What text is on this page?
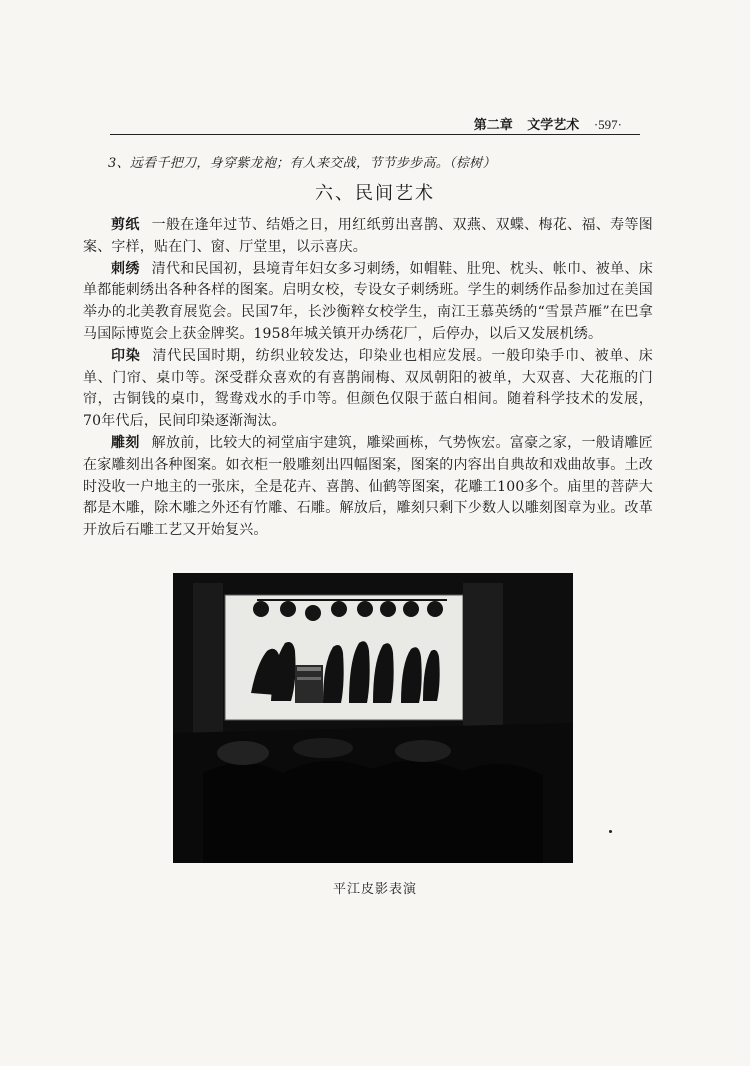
第二章 文学艺术 ·597·
3、远看千把刀，身穿紫龙袍；有人来交战，节节步步高。（棕树）
六、民间艺术

剪纸 一般在逢年过节、结婚之日，用红纸剪出喜鹊、双燕、双蝶、梅花、福、寿等图案、字样，贴在门、窗、厅堂里，以示喜庆。

刺绣 清代和民国初，县境青年妇女多习刺绣，如帽鞋、肚兜、枕头、帐巾、被单、床单都能刺绣出各种各样的图案。启明女校，专设女子刺绣班。学生的刺绣作品参加过在美国举办的北美教育展览会。民国7年，长沙衡粹女校学生，南江王慕英绣的“雪景芦雁”在巴拿马国际博览会上获金牌奖。1958年城关镇开办绣花厂，后停办，以后又发展机绣。

印染 清代民国时期，纺织业较发达，印染业也相应发展。一般印染手巾、被单、床单、门帘、桌巾等。深受群众喜欢的有喜鹊闹梅、双凤朝阳的被单，大双喜、大花瓶的门帘，古铜钱的桌巾，鸳鸯戏水的手巾等。但颜色仅限于蓝白相间。随着科学技术的发展，70年代后，民间印染逐渐淘汰。

雕刻 解放前，比较大的祠堂庙宇建筑，雕梁画栋，气势恢宏。富豪之家，一般请雕匠在家雕刻出各种图案。如衣柜一般雕刻出四幅图案，图案的内容出自典故和戏曲故事。土改时没收一户地主的一张床，全是花卉、喜鹊、仙鹤等图案，花雕工100多个。庙里的菩萨大都是木雕，除木雕之外还有竹雕、石雕。解放后，雕刻只剩下少数人以雕刻图章为业。改革开放后石雕工艺又开始复兴。

平江皮影表演
